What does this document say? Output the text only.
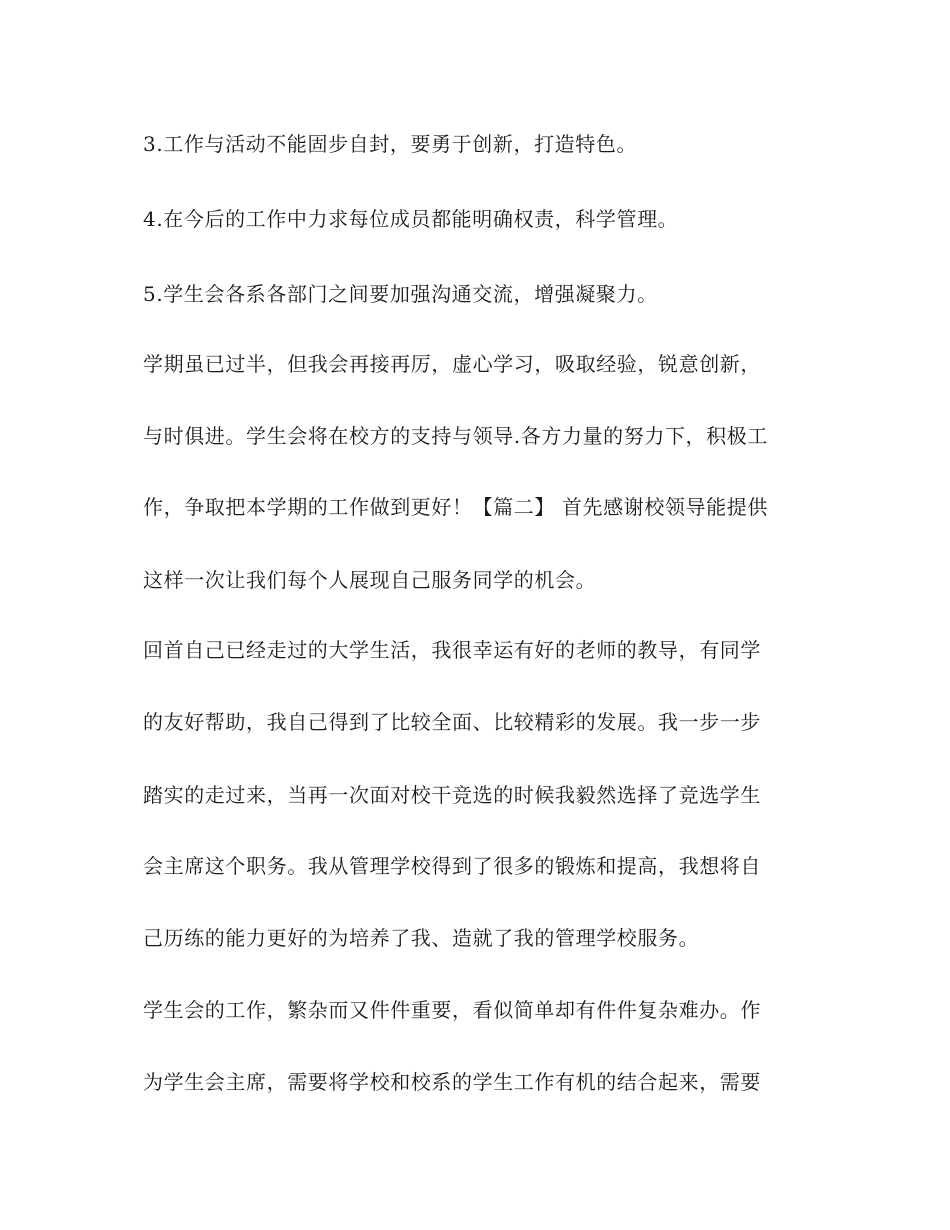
3.工作与活动不能固步自封，要勇于创新，打造特色。

4.在今后的工作中力求每位成员都能明确权责，科学管理。

5.学生会各系各部门之间要加强沟通交流，增强凝聚力。

学期虽已过半，但我会再接再厉，虚心学习，吸取经验，锐意创新，

与时俱进。学生会将在校方的支持与领导.各方力量的努力下，积极工

作，争取把本学期的工作做到更好！【篇二】 首先感谢校领导能提供

这样一次让我们每个人展现自己服务同学的机会。

回首自己已经走过的大学生活，我很幸运有好的老师的教导，有同学

的友好帮助，我自己得到了比较全面、比较精彩的发展。我一步一步

踏实的走过来，当再一次面对校干竞选的时候我毅然选择了竞选学生

会主席这个职务。我从管理学校得到了很多的锻炼和提高，我想将自

己历练的能力更好的为培养了我、造就了我的管理学校服务。

学生会的工作，繁杂而又件件重要，看似简单却有件件复杂难办。作

为学生会主席，需要将学校和校系的学生工作有机的结合起来，需要
